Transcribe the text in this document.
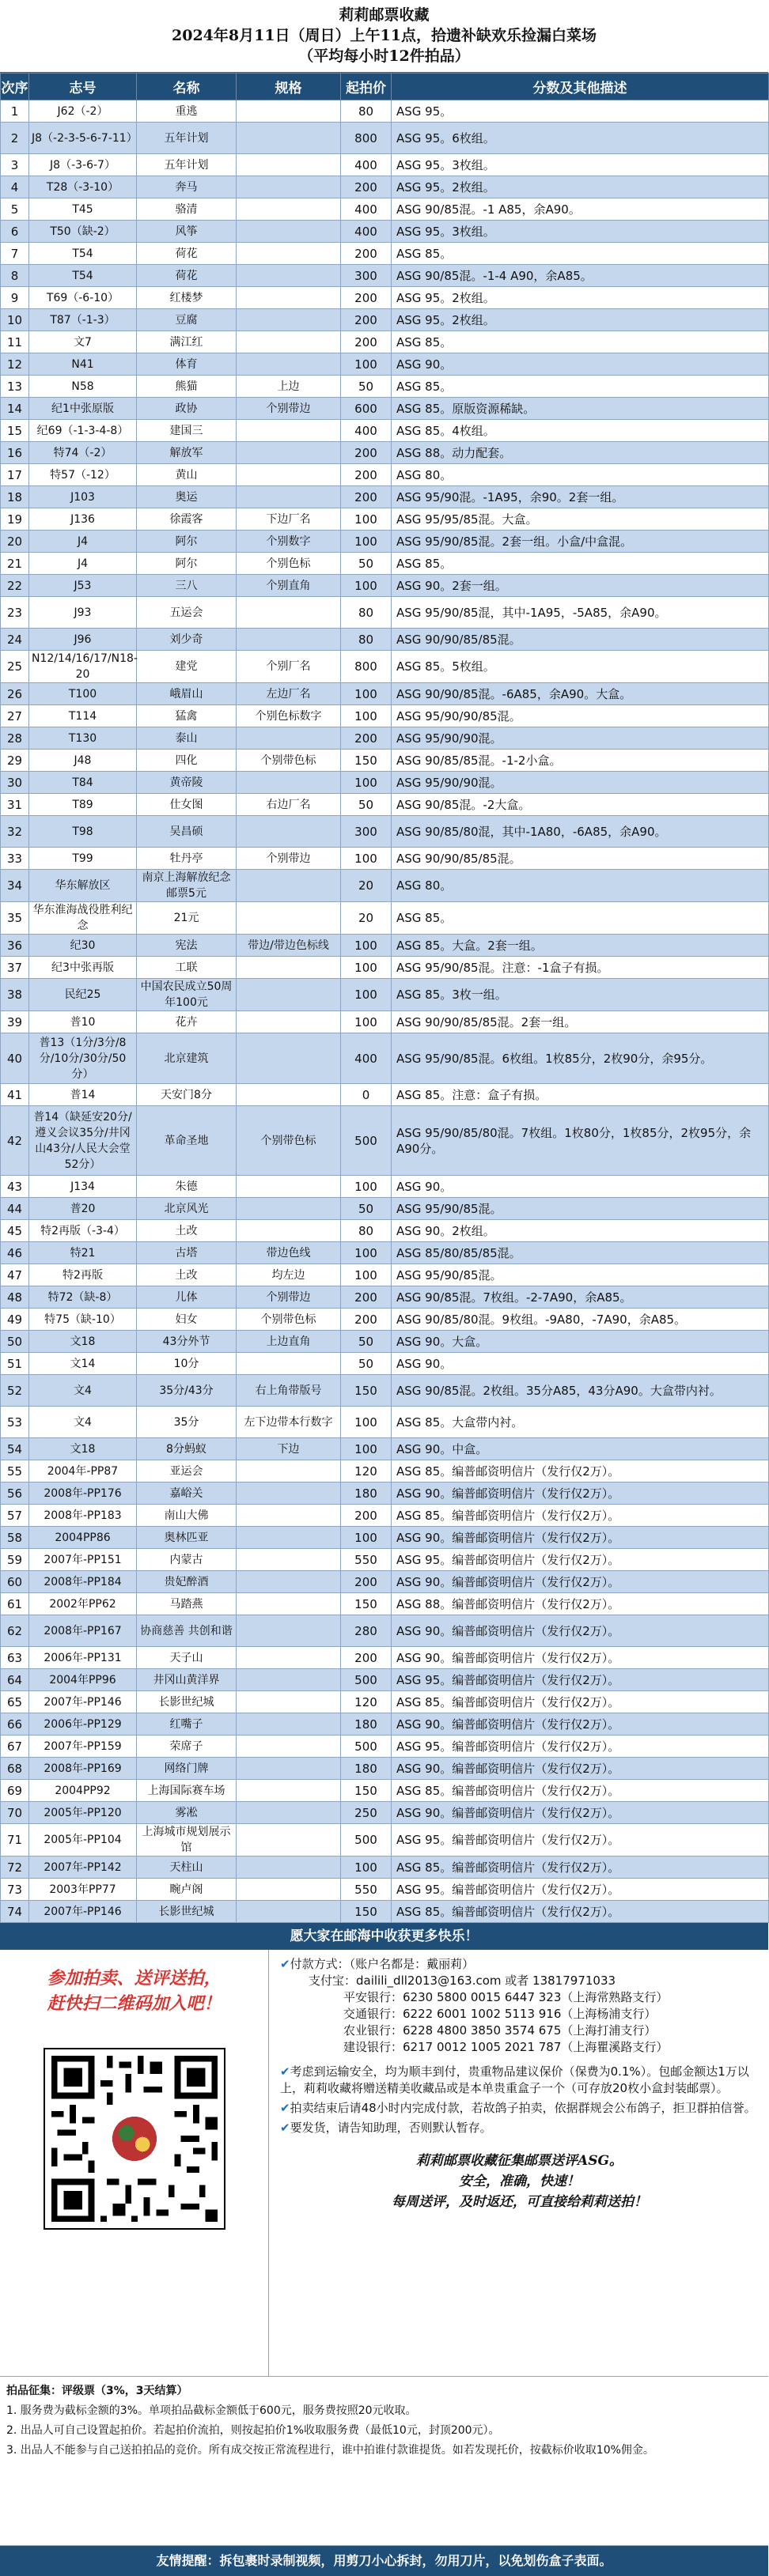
莉莉邮票收藏
2024年8月11日（周日）上午11点，拾遗补缺欢乐捡漏白菜场
（平均每小时12件拍品）
次序	志号	名称	规格	起拍价	分数及其他描述
1	J62（-2）	重逃		80	ASG 95。
2	J8（-2-3-5-6-7-11）	五年计划		800	ASG 95。6枚组。
3	J8（-3-6-7）	五年计划		400	ASG 95。3枚组。
4	T28（-3-10）	奔马		200	ASG 95。2枚组。
5	T45	骆清		400	ASG 90/85混。-1 A85，余A90。
6	T50（缺-2）	风筝		400	ASG 95。3枚组。
7	T54	荷花		200	ASG 85。
8	T54	荷花		300	ASG 90/85混。-1-4 A90，余A85。
9	T69（-6-10）	红楼梦		200	ASG 95。2枚组。
10	T87（-1-3）	豆腐		200	ASG 95。2枚组。
11	文7	满江红		200	ASG 85。
12	N41	体育		100	ASG 90。
13	N58	熊猫	上边	50	ASG 85。
14	纪1中张原版	政协	个别带边	600	ASG 85。原版资源稀缺。
15	纪69（-1-3-4-8）	建国三		400	ASG 85。4枚组。
16	特74（-2）	解放军		200	ASG 88。动力配套。
17	特57（-12）	黄山		200	ASG 80。
18	J103	奥运		200	ASG 95/90混。-1A95，余90。2套一组。
19	J136	徐霞客	下边厂名	100	ASG 95/95/85混。大盒。
20	J4	阿尔	个别数字	100	ASG 95/90/85混。2套一组。小盒/中盒混。
21	J4	阿尔	个别色标	50	ASG 85。
22	J53	三八	个别直角	100	ASG 90。2套一组。
23	J93	五运会		80	ASG 95/90/85混，其中-1A95，-5A85，余A90。
24	J96	刘少奇		80	ASG 90/90/85/85混。
25	N12/14/16/17/N18-20	建党	个别厂名	800	ASG 85。5枚组。
26	T100	峨眉山	左边厂名	100	ASG 90/90/85混。-6A85，余A90。大盒。
27	T114	猛禽	个别色标数字	100	ASG 95/90/90/85混。
28	T130	泰山		200	ASG 95/90/90混。
29	J48	四化	个别带色标	150	ASG 90/85/85混。-1-2小盒。
30	T84	黄帝陵		100	ASG 95/90/90混。
31	T89	仕女图	右边厂名	50	ASG 90/85混。-2大盒。
32	T98	吴昌硕		300	ASG 90/85/80混，其中-1A80，-6A85，余A90。
33	T99	牡丹亭	个别带边	100	ASG 90/90/85/85混。
34	华东解放区	南京上海解放纪念邮票5元		20	ASG 80。
35	华东淮海战役胜利纪念	21元		20	ASG 85。
36	纪30	宪法	带边/带边色标线	100	ASG 85。大盒。2套一组。
37	纪3中张再版	工联		100	ASG 95/90/85混。注意：-1盒子有损。
38	民纪25	中国农民成立50周年100元		100	ASG 85。3枚一组。
39	普10	花卉		100	ASG 90/90/85/85混。2套一组。
40	普13（1分/3分/8分/10分/30分/50分）	北京建筑		400	ASG 95/90/85混。6枚组。1枚85分，2枚90分，余95分。
41	普14	天安门8分		0	ASG 85。注意：盒子有损。
42	普14（缺延安20分/遵义会议35分/井冈山43分/人民大会堂52分）	革命圣地	个别带色标	500	ASG 95/90/85/80混。7枚组。1枚80分，1枚85分，2枚95分，余A90分。
43	J134	朱德		100	ASG 90。
44	普20	北京风光		50	ASG 95/90/85混。
45	特2再版（-3-4）	土改		80	ASG 90。2枚组。
46	特21	古塔	带边色线	100	ASG 85/80/85/85混。
47	特2再版	土改	均左边	100	ASG 95/90/85混。
48	特72（缺-8）	儿体	个别带边	200	ASG 90/85混。7枚组。-2-7A90，余A85。
49	特75（缺-10）	妇女	个别带色标	200	ASG 90/85/80混。9枚组。-9A80，-7A90，余A85。
50	文18	43分外节	上边直角	50	ASG 90。大盒。
51	文14	10分		50	ASG 90。
52	文4	35分/43分	右上角带版号	150	ASG 90/85混。2枚组。35分A85，43分A90。大盒带内衬。
53	文4	35分	左下边带本行数字	100	ASG 85。大盒带内衬。
54	文18	8分蚂蚁	下边	100	ASG 90。中盒。
55	2004年-PP87	亚运会		120	ASG 85。编普邮资明信片（发行仅2万）。
56	2008年-PP176	嘉峪关		180	ASG 90。编普邮资明信片（发行仅2万）。
57	2008年-PP183	南山大佛		200	ASG 85。编普邮资明信片（发行仅2万）。
58	2004PP86	奥林匹亚		100	ASG 90。编普邮资明信片（发行仅2万）。
59	2007年-PP151	内蒙古		550	ASG 95。编普邮资明信片（发行仅2万）。
60	2008年-PP184	贵妃醉酒		200	ASG 90。编普邮资明信片（发行仅2万）。
61	2002年PP62	马踏燕		150	ASG 88。编普邮资明信片（发行仅2万）。
62	2008年-PP167	协商慈善 共创和谐		280	ASG 90。编普邮资明信片（发行仅2万）。
63	2006年-PP131	天子山		200	ASG 90。编普邮资明信片（发行仅2万）。
64	2004年PP96	井冈山黄洋界		500	ASG 95。编普邮资明信片（发行仅2万）。
65	2007年-PP146	长影世纪城		120	ASG 85。编普邮资明信片（发行仅2万）。
66	2006年-PP129	红嘴子		180	ASG 90。编普邮资明信片（发行仅2万）。
67	2007年-PP159	荣席子		500	ASG 95。编普邮资明信片（发行仅2万）。
68	2008年-PP169	网络门牌		180	ASG 90。编普邮资明信片（发行仅2万）。
69	2004PP92	上海国际赛车场		150	ASG 85。编普邮资明信片（发行仅2万）。
70	2005年-PP120	雾凇		250	ASG 90。编普邮资明信片（发行仅2万）。
71	2005年-PP104	上海城市规划展示馆		500	ASG 95。编普邮资明信片（发行仅2万）。
72	2007年-PP142	天柱山		100	ASG 85。编普邮资明信片（发行仅2万）。
73	2003年PP77	畹卢阁		550	ASG 95。编普邮资明信片（发行仅2万）。
74	2007年-PP146	长影世纪城		150	ASG 85。编普邮资明信片（发行仅2万）。
愿大家在邮海中收获更多快乐！
参加拍卖、送评送拍，
赶快扫二维码加入吧！
✔付款方式：（账户名都是：戴丽莉）
支付宝：dailili_dll2013@163.com 或者 13817971033
平安银行：6230 5800 0015 6447 323（上海常熟路支行）
交通银行：6222 6001 1002 5113 916（上海杨浦支行）
农业银行：6228 4800 3850 3574 675（上海打浦支行）
建设银行：6217 0012 1005 2021 787（上海瞿溪路支行）
✔考虑到运输安全，均为顺丰到付，贵重物品建议保价（保费为0.1%）。包邮金额达1万以上，莉莉收藏将赠送精美收藏品或是本单贵重盒子一个（可存放20枚小盒封装邮票）。
✔拍卖结束后请48小时内完成付款，若故鸽子拍卖，依据群规会公布鸽子，拒卫群拍信誉。
✔要发货，请告知助理，否则默认暂存。
莉莉邮票收藏征集邮票送评ASG。
安全，准确，快速！
每周送评，及时返还，可直接给莉莉送拍！
拍品征集：评级票（3%，3天结算）
1. 服务费为截标金额的3%。单项拍品截标金额低于600元，服务费按照20元收取。
2. 出品人可自己设置起拍价。若起拍价流拍，则按起拍价1%收取服务费（最低10元，封顶200元）。
3. 出品人不能参与自己送拍拍品的竞价。所有成交按正常流程进行，谁中拍谁付款谁提货。如若发现托价，按截标价收取10%佣金。
友情提醒：拆包裹时录制视频，用剪刀小心拆封，勿用刀片，以免划伤盒子表面。
